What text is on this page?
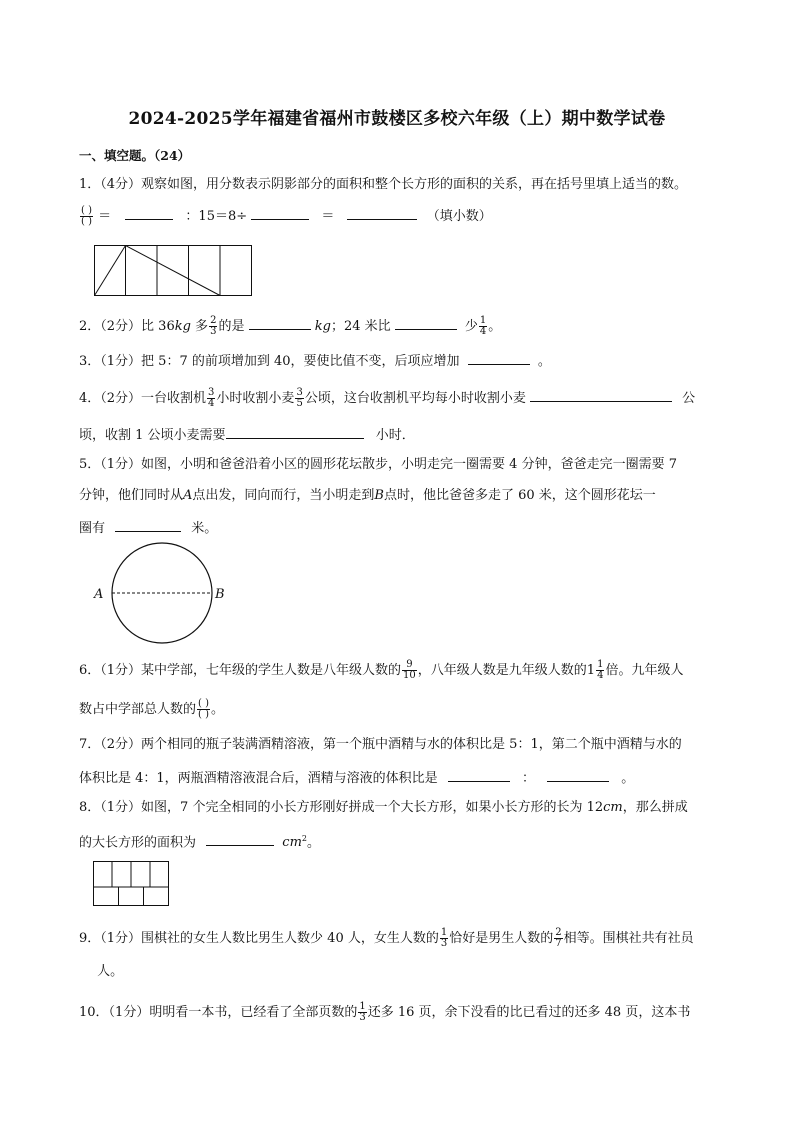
2024-2025学年福建省福州市鼓楼区多校六年级（上）期中数学试卷
一、填空题。（24）
1．（4分）观察如图，用分数表示阴影部分的面积和整个长方形的面积的关系，再在括号里填上适当的数。
$\frac{( )}{( )}$ ＝	：15＝8÷	＝	（填小数）
2．（2分）比 36kg 多 $\frac{2}{3}$ 的是	kg；24 米比	少 $\frac{1}{4}$ 。
3．（1分）把 5：7 的前项增加到 40，要使比值不变，后项应增加	。
4．（2分）一台收割机 $\frac{3}{4}$ 小时收割小麦 $\frac{3}{5}$ 公顷，这台收割机平均每小时收割小麦	公
顷，收割 1 公顷小麦需要	小时．
5．（1分）如图，小明和爸爸沿着小区的圆形花坛散步，小明走完一圈需要 4 分钟，爸爸走完一圈需要 7
分钟，他们同时从A点出发，同向而行，当小明走到B点时，他比爸爸多走了 60 米，这个圆形花坛一
圈有	米。
A	B
6．（1分）某中学部，七年级的学生人数是八年级人数的 $\frac{9}{10}$ ，八年级人数是九年级人数的$1 \frac{1}{4}$ 倍。九年级人
数占中学部总人数的 $\frac{( )}{( )}$ 。
7．（2分）两个相同的瓶子装满酒精溶液，第一个瓶中酒精与水的体积比是 5：1，第二个瓶中酒精与水的
体积比是 4：1，两瓶酒精溶液混合后，酒精与溶液的体积比是	：	。
8．（1分）如图，7 个完全相同的小长方形刚好拼成一个大长方形，如果小长方形的长为 12cm，那么拼成
的大长方形的面积为	$cm^2$。
9．（1分）围棋社的女生人数比男生人数少 40 人，女生人数的 $\frac{1}{3}$ 恰好是男生人数的 $\frac{2}{7}$ 相等。围棋社共有社员
人。
10．（1分）明明看一本书，已经看了全部页数的 $\frac{1}{3}$ 还多 16 页，余下没看的比已看过的还多 48 页，这本书
